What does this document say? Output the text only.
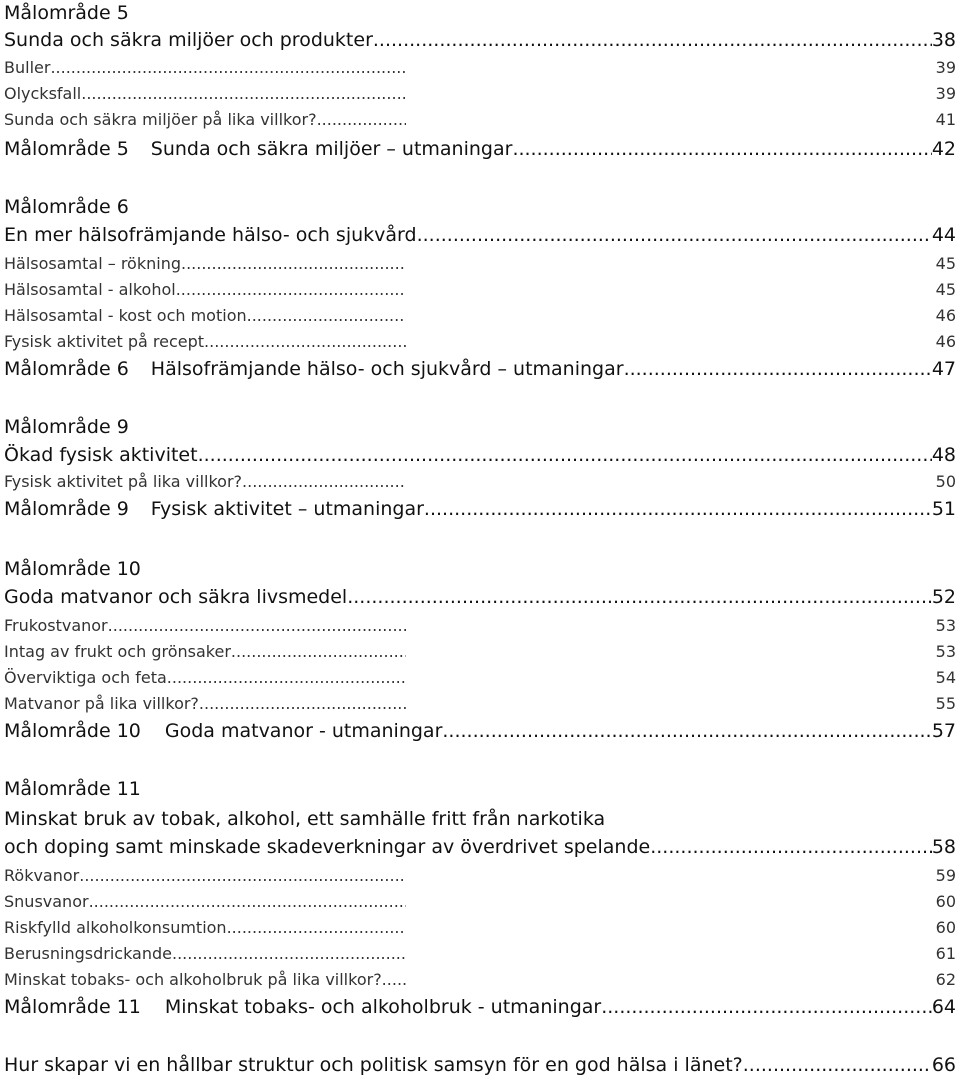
Målområde 5
Sunda och säkra miljöer och produkter .....	38
Buller .....	39
Olycksfall .....	39
Sunda och säkra miljöer på lika villkor? .....	41
Målområde 5 Sunda och säkra miljöer – utmaningar .....	42
Målområde 6
En mer hälsofrämjande hälso- och sjukvård .....	44
Hälsosamtal – rökning .....	45
Hälsosamtal - alkohol .....	45
Hälsosamtal - kost och motion .....	46
Fysisk aktivitet på recept .....	46
Målområde 6 Hälsofrämjande hälso- och sjukvård – utmaningar .....	47
Målområde 9
Ökad fysisk aktivitet .....	48
Fysisk aktivitet på lika villkor? .....	50
Målområde 9 Fysisk aktivitet – utmaningar .....	51
Målområde 10
Goda matvanor och säkra livsmedel .....	52
Frukostvanor .....	53
Intag av frukt och grönsaker .....	53
Överviktiga och feta .....	54
Matvanor på lika villkor? .....	55
Målområde 10 Goda matvanor - utmaningar .....	57
Målområde 11
Minskat bruk av tobak, alkohol, ett samhälle fritt från narkotika
och doping samt minskade skadeverkningar av överdrivet spelande .....	58
Rökvanor .....	59
Snusvanor .....	60
Riskfylld alkoholkonsumtion .....	60
Berusningsdrickande .....	61
Minskat tobaks- och alkoholbruk på lika villkor?. .....	62
Målområde 11 Minskat tobaks- och alkoholbruk - utmaningar .....	64
Hur skapar vi en hållbar struktur och politisk samsyn för en god hälsa i länet? .....	66
